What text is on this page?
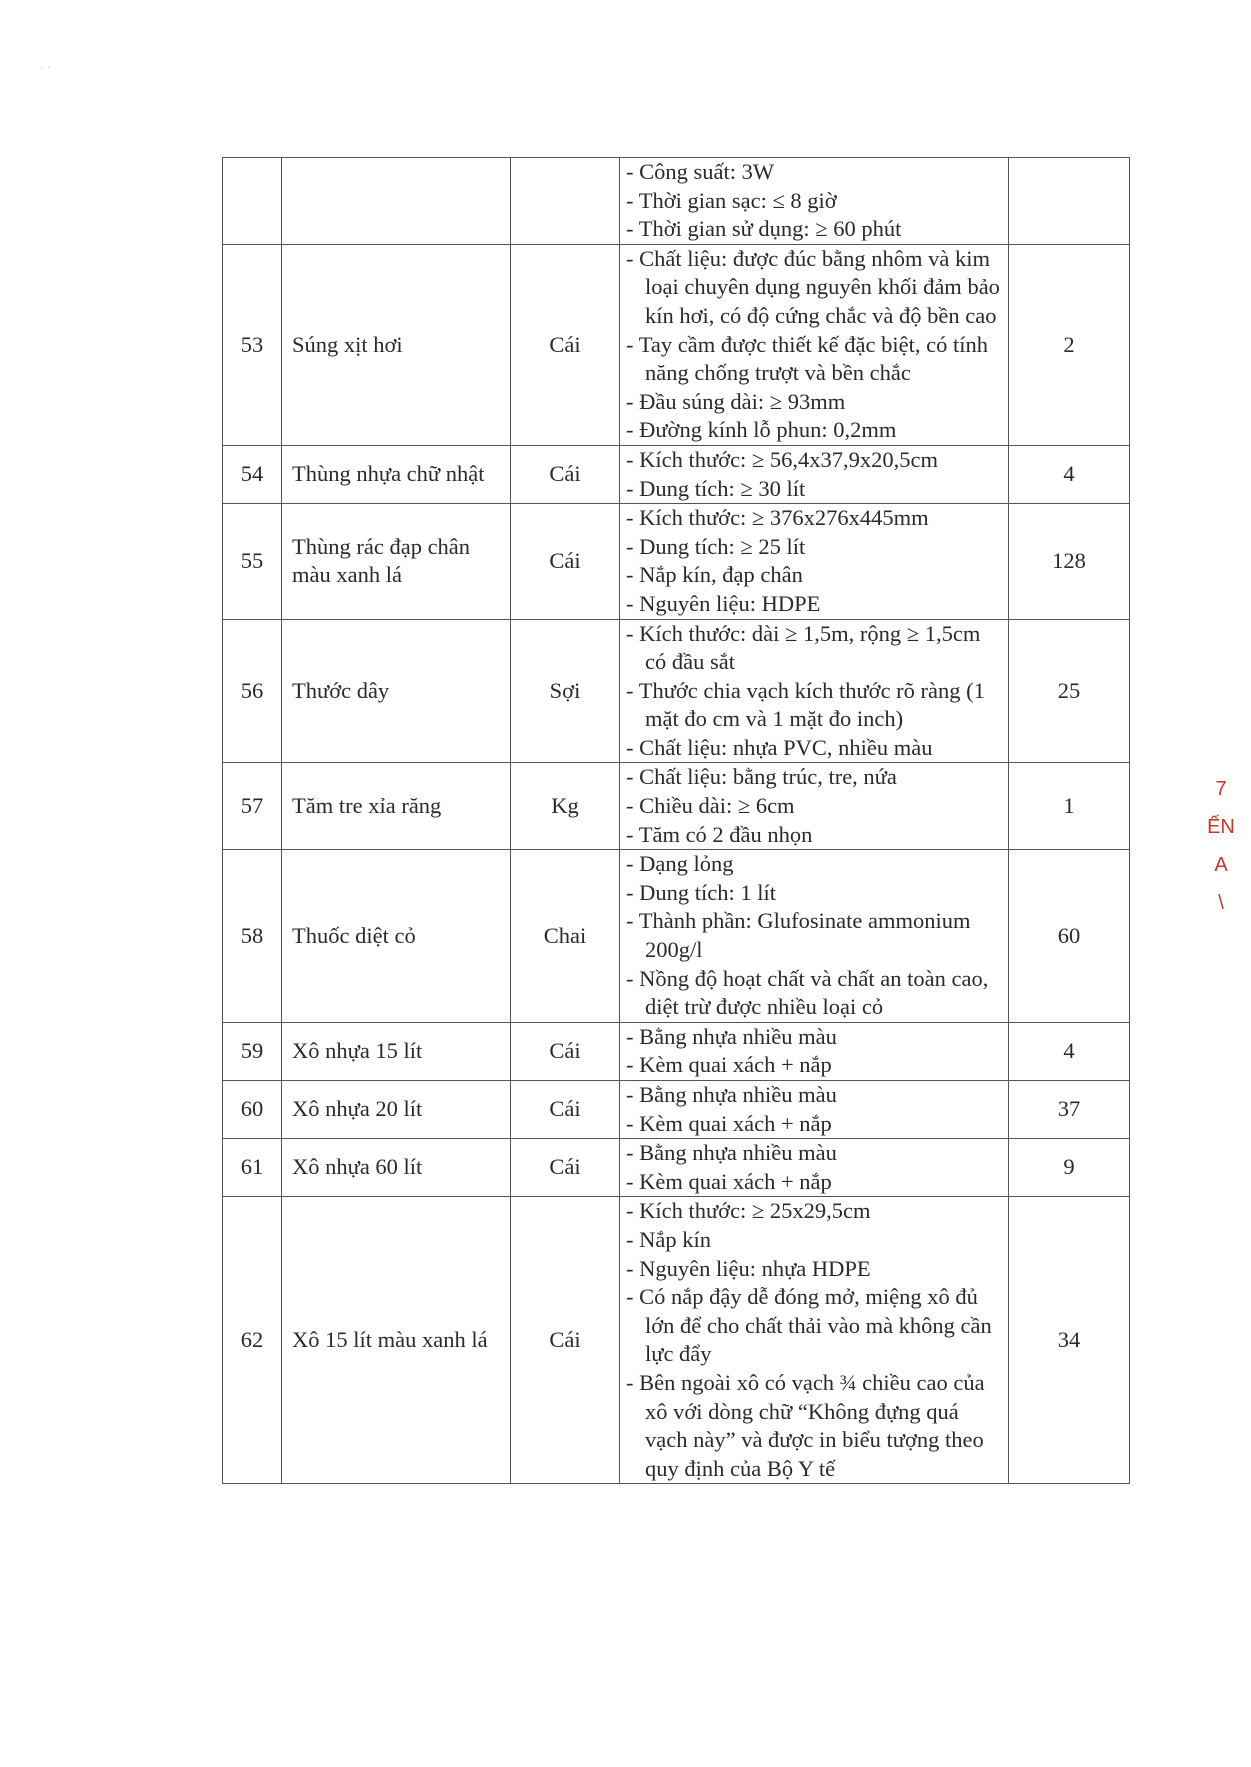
· ·

			- Công suất: 3W
- Thời gian sạc: ≤ 8 giờ
- Thời gian sử dụng: ≥ 60 phút	

53	Súng xịt hơi	Cái	- Chất liệu: được đúc bằng nhôm và kim loại chuyên dụng nguyên khối đảm bảo kín hơi, có độ cứng chắc và độ bền cao
- Tay cầm được thiết kế đặc biệt, có tính năng chống trượt và bền chắc
- Đầu súng dài: ≥ 93mm
- Đường kính lỗ phun: 0,2mm	2
54	Thùng nhựa chữ nhật	Cái	- Kích thước: ≥ 56,4x37,9x20,5cm
- Dung tích: ≥ 30 lít	4
55	Thùng rác đạp chân màu xanh lá	Cái	- Kích thước: ≥ 376x276x445mm
- Dung tích: ≥ 25 lít
- Nắp kín, đạp chân
- Nguyên liệu: HDPE	128
56	Thước dây	Sợi	- Kích thước: dài ≥ 1,5m, rộng ≥ 1,5cm có đầu sắt
- Thước chia vạch kích thước rõ ràng (1 mặt đo cm và 1 mặt đo inch)
- Chất liệu: nhựa PVC, nhiều màu	25
57	Tăm tre xỉa răng	Kg	- Chất liệu: bằng trúc, tre, nứa
- Chiều dài: ≥ 6cm
- Tăm có 2 đầu nhọn	1
58	Thuốc diệt cỏ	Chai	- Dạng lỏng
- Dung tích: 1 lít
- Thành phần: Glufosinate ammonium 200g/l
- Nồng độ hoạt chất và chất an toàn cao, diệt trừ được nhiều loại cỏ	60
59	Xô nhựa 15 lít	Cái	- Bằng nhựa nhiều màu
- Kèm quai xách + nắp	4
60	Xô nhựa 20 lít	Cái	- Bằng nhựa nhiều màu
- Kèm quai xách + nắp	37
61	Xô nhựa 60 lít	Cái	- Bằng nhựa nhiều màu
- Kèm quai xách + nắp	9
62	Xô 15 lít màu xanh lá	Cái	- Kích thước: ≥ 25x29,5cm
- Nắp kín
- Nguyên liệu: nhựa HDPE
- Có nắp đậy dễ đóng mở, miệng xô đủ lớn để cho chất thải vào mà không cần lực đẩy
- Bên ngoài xô có vạch ¾ chiều cao của xô với dòng chữ “Không đựng quá vạch này” và được in biểu tượng theo quy định của Bộ Y tế	34
7
ẾN
A
\
